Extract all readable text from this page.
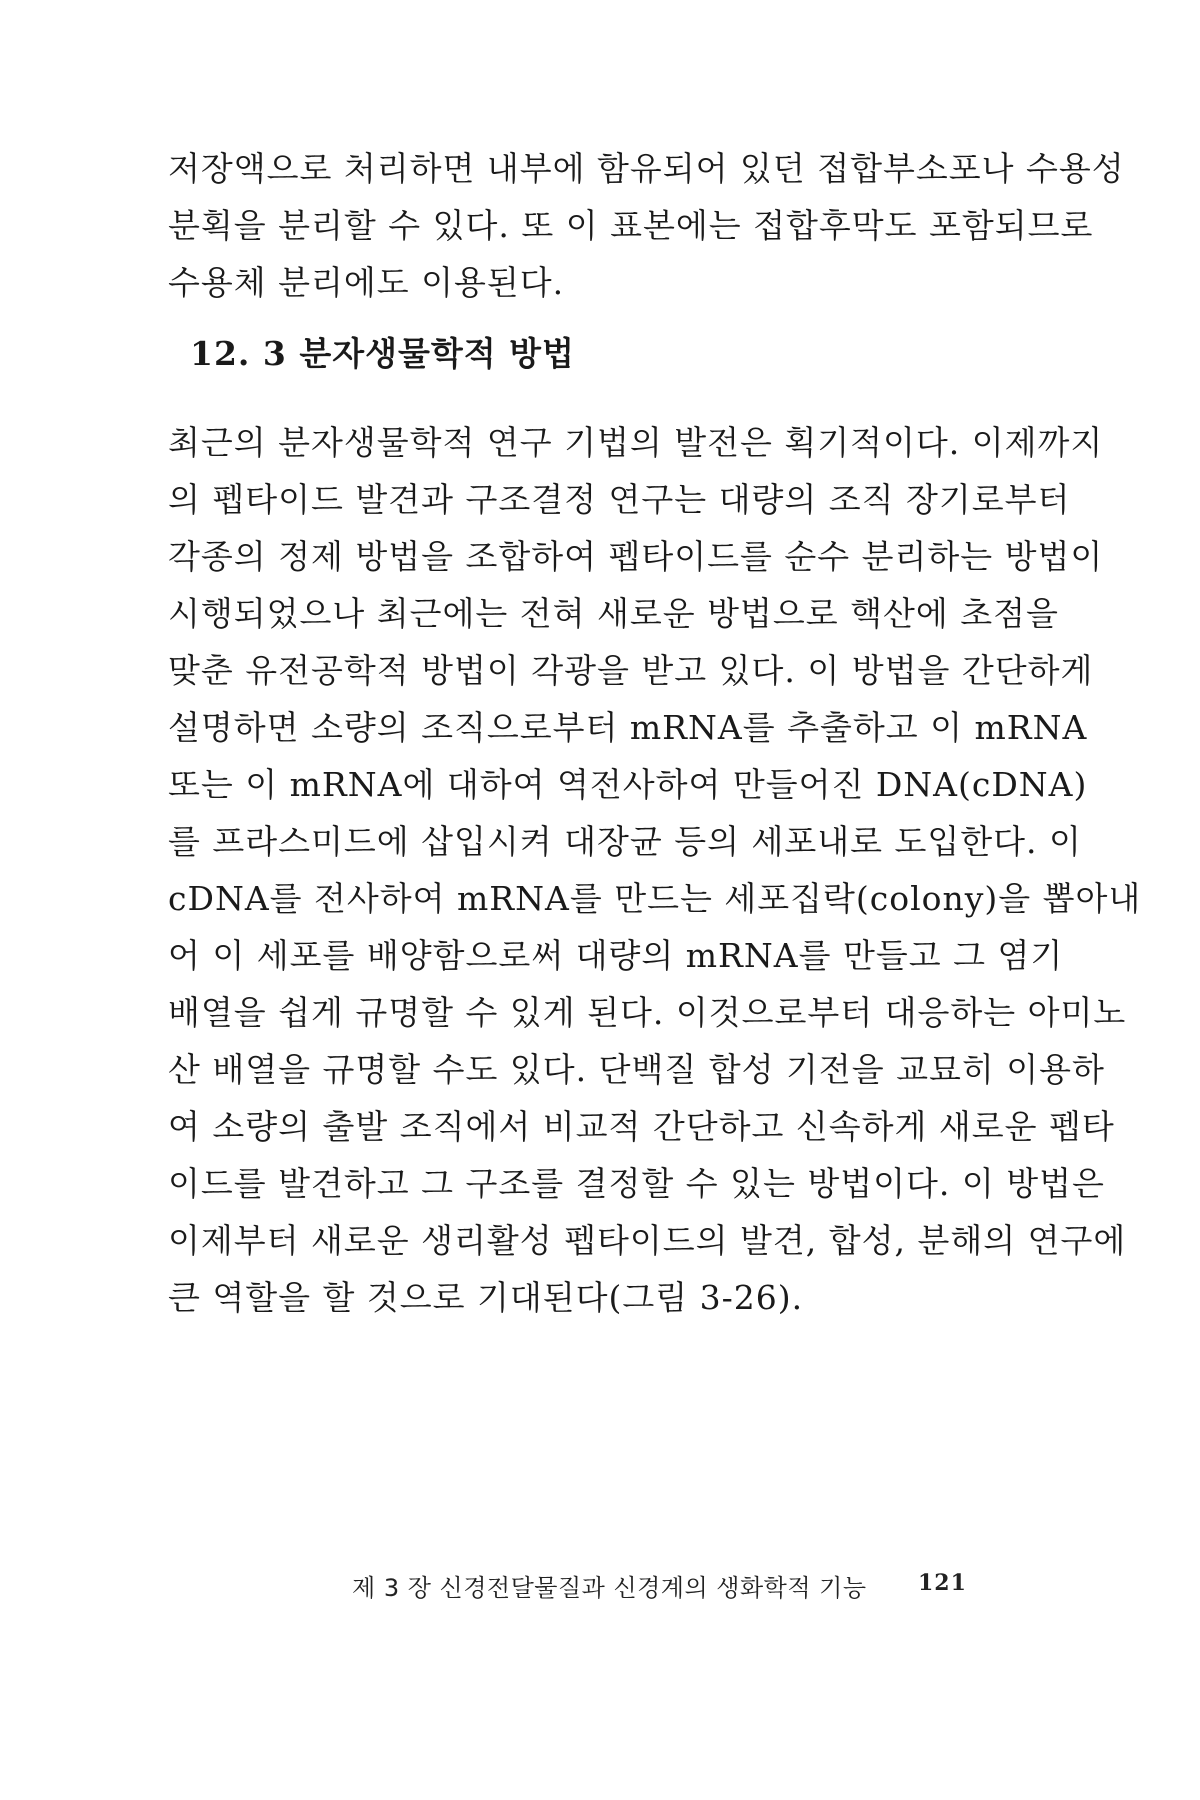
저장액으로 처리하면 내부에 함유되어 있던 접합부소포나 수용성
분획을 분리할 수 있다. 또 이 표본에는 접합후막도 포함되므로
수용체 분리에도 이용된다.
12. 3 분자생물학적 방법
최근의 분자생물학적 연구 기법의 발전은 획기적이다. 이제까지
의 펩타이드 발견과 구조결정 연구는 대량의 조직 장기로부터
각종의 정제 방법을 조합하여 펩타이드를 순수 분리하는 방법이
시행되었으나 최근에는 전혀 새로운 방법으로 핵산에 초점을
맞춘 유전공학적 방법이 각광을 받고 있다. 이 방법을 간단하게
설명하면 소량의 조직으로부터 mRNA를 추출하고 이 mRNA
또는 이 mRNA에 대하여 역전사하여 만들어진 DNA(cDNA)
를 프라스미드에 삽입시켜 대장균 등의 세포내로 도입한다. 이
cDNA를 전사하여 mRNA를 만드는 세포집락(colony)을 뽑아내
어 이 세포를 배양함으로써 대량의 mRNA를 만들고 그 염기
배열을 쉽게 규명할 수 있게 된다. 이것으로부터 대응하는 아미노
산 배열을 규명할 수도 있다. 단백질 합성 기전을 교묘히 이용하
여 소량의 출발 조직에서 비교적 간단하고 신속하게 새로운 펩타
이드를 발견하고 그 구조를 결정할 수 있는 방법이다. 이 방법은
이제부터 새로운 생리활성 펩타이드의 발견, 합성, 분해의 연구에
큰 역할을 할 것으로 기대된다(그림 3-26).
제 3 장 신경전달물질과 신경계의 생화학적 기능 121
